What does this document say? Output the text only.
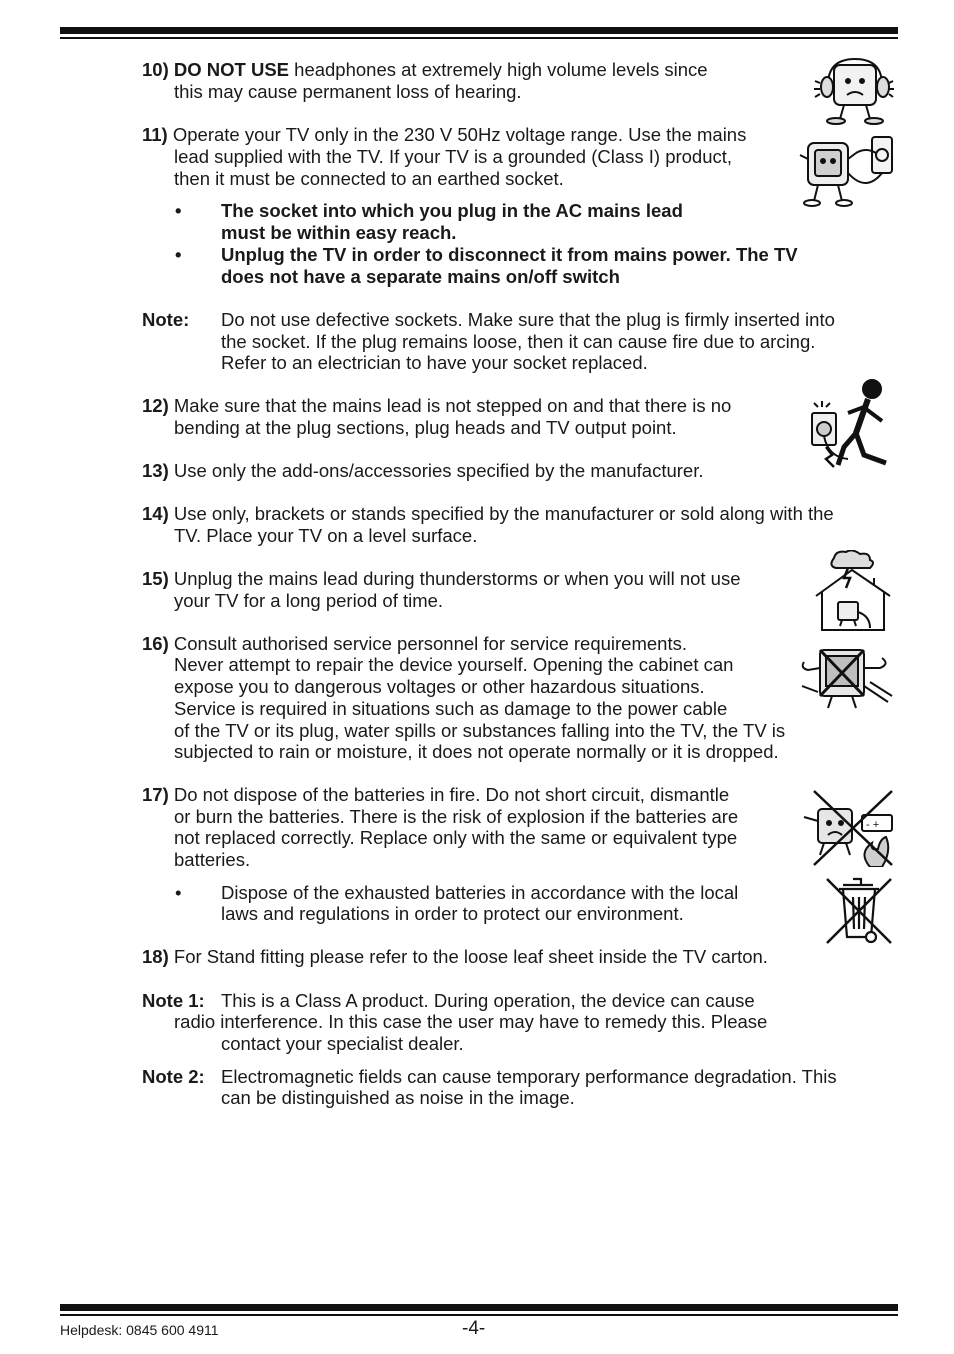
10) DO NOT USE headphones at extremely high volume levels since
this may cause permanent loss of hearing.
11) Operate your TV only in the 230 V 50Hz voltage range. Use the mains
lead supplied with the TV. If your TV is a grounded (Class I) product,
then it must be connected to an earthed socket.
• The socket into which you plug in the AC mains lead
must be within easy reach.
• Unplug the TV in order to disconnect it from mains power. The TV
does not have a separate mains on/off switch
Note: Do not use defective sockets. Make sure that the plug is firmly inserted into
the socket. If the plug remains loose, then it can cause fire due to arcing.
Refer to an electrician to have your socket replaced.
12) Make sure that the mains lead is not stepped on and that there is no
bending at the plug sections, plug heads and TV output point.
13) Use only the add-ons/accessories specified by the manufacturer.
14) Use only, brackets or stands specified by the manufacturer or sold along with the
TV. Place your TV on a level surface.
15) Unplug the mains lead during thunderstorms or when you will not use
your TV for a long period of time.
16) Consult authorised service personnel for service requirements.
Never attempt to repair the device yourself. Opening the cabinet can
expose you to dangerous voltages or other hazardous situations.
Service is required in situations such as damage to the power cable
of the TV or its plug, water spills or substances falling into the TV, the TV is
subjected to rain or moisture, it does not operate normally or it is dropped.
17) Do not dispose of the batteries in fire. Do not short circuit, dismantle
or burn the batteries. There is the risk of explosion if the batteries are
not replaced correctly. Replace only with the same or equivalent type
batteries.
• Dispose of the exhausted batteries in accordance with the local
laws and regulations in order to protect our environment.
18) For Stand fitting please refer to the loose leaf sheet inside the TV carton.
Note 1: This is a Class A product. During operation, the device can cause
radio interference. In this case the user may have to remedy this. Please
contact your specialist dealer.
Note 2: Electromagnetic fields can cause temporary performance degradation. This
can be distinguished as noise in the image.
- +
Helpdesk: 0845 600 4911	-4-
